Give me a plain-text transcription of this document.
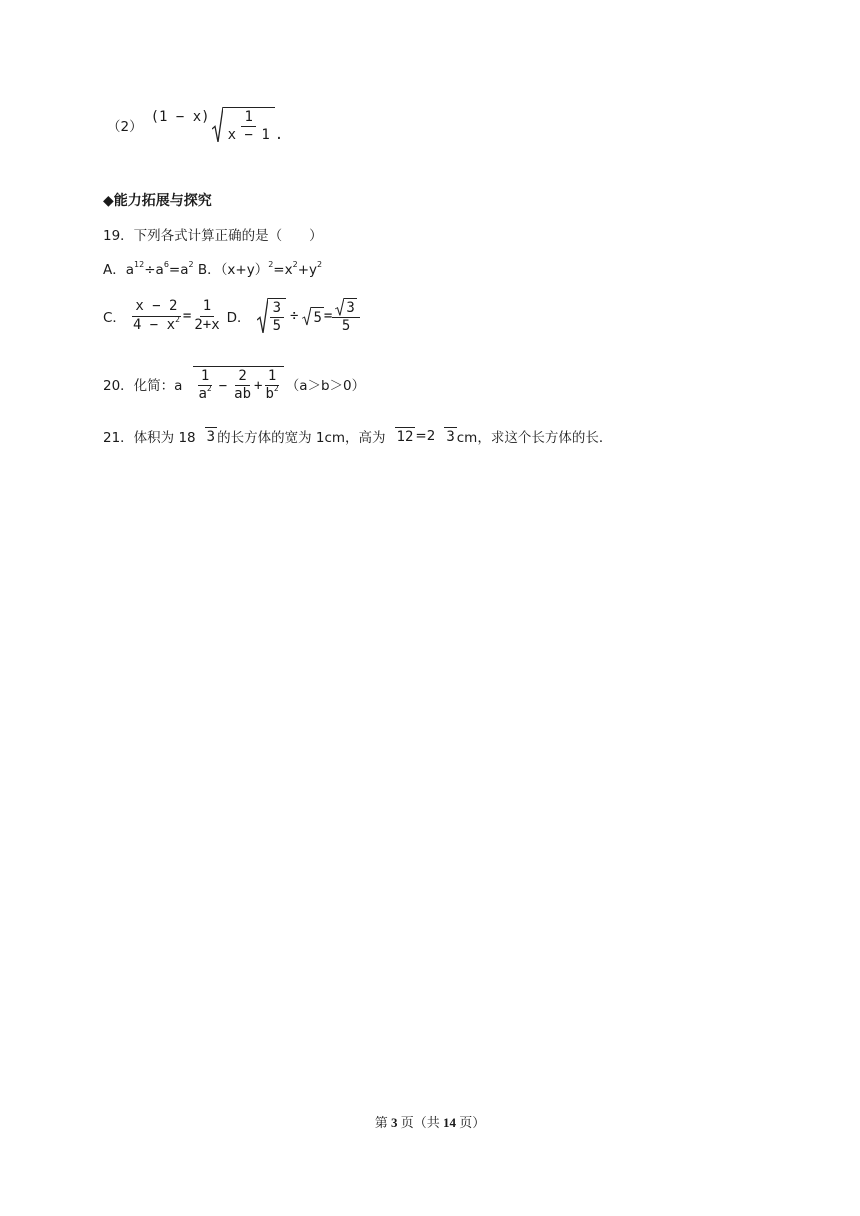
（2）
$(1 - x) \frac{1}{x - 1}$ .
◆能力拓展与探究
19．下列各式计算正确的是（　　）
A．$a^{12}\div a^6=a^2$ B．$(x+y)^2=x^2+y^2$
C． $\frac{x - 2}{4 - x^2} = \frac{1}{2+x}$ D． $\frac{3}{5} \div 5 = \frac{3}{5}$
20．化简：a $\frac{1}{a^2} - \frac{2}{ab} + \frac{1}{b^2} (a>b>0)$
21．体积为 18 3 的长方体的宽为 1cm，高为 12 =2 3 cm，求这个长方体的长．
第 3 页（共 14 页）
